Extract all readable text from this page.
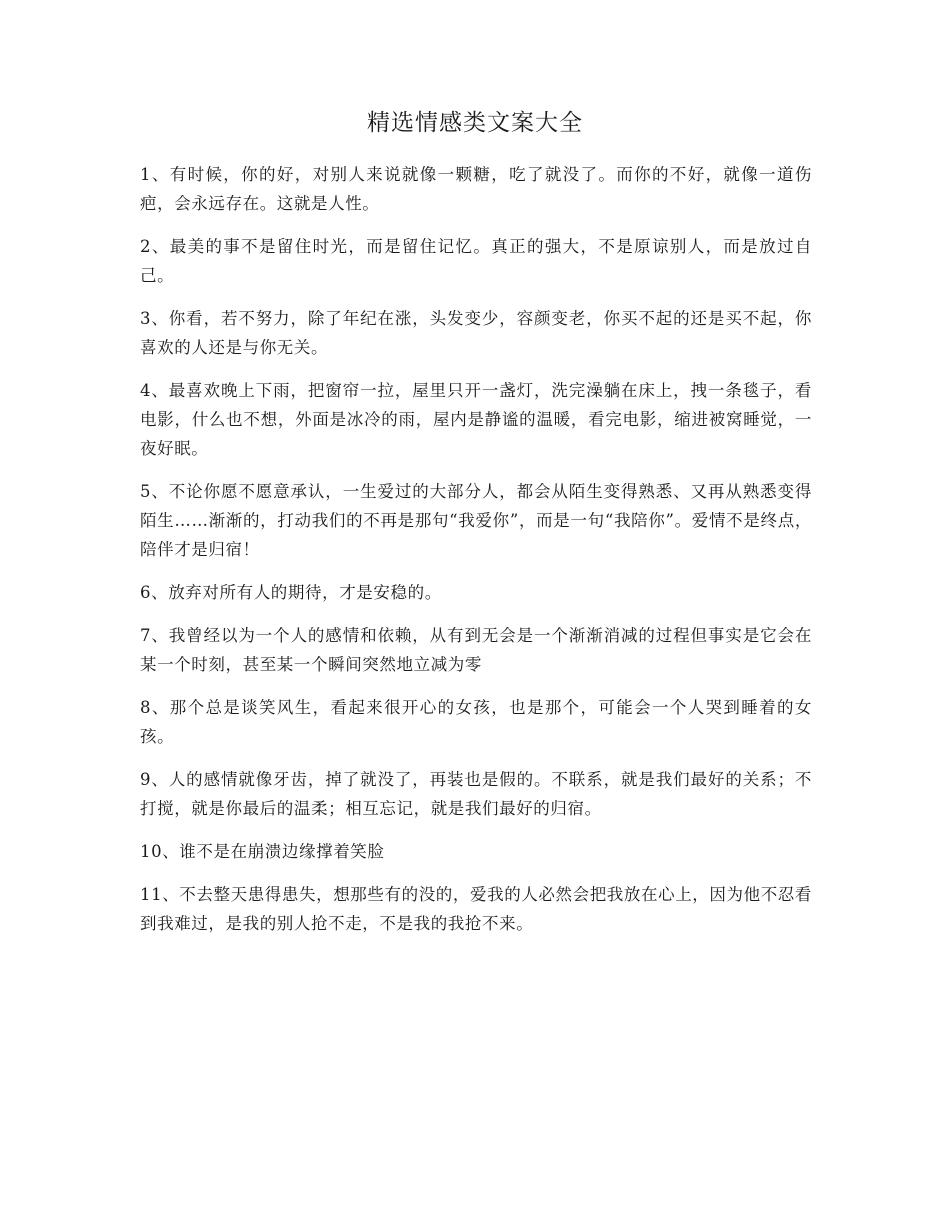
精选情感类文案大全

1、有时候，你的好，对别人来说就像一颗糖，吃了就没了。而你的不好，就像一道伤疤，会永远存在。这就是人性。

2、最美的事不是留住时光，而是留住记忆。真正的强大，不是原谅别人，而是放过自己。

3、你看，若不努力，除了年纪在涨，头发变少，容颜变老，你买不起的还是买不起，你喜欢的人还是与你无关。

4、最喜欢晚上下雨，把窗帘一拉，屋里只开一盏灯，洗完澡躺在床上，拽一条毯子，看电影，什么也不想，外面是冰冷的雨，屋内是静谧的温暖，看完电影，缩进被窝睡觉，一夜好眠。

5、不论你愿不愿意承认，一生爱过的大部分人，都会从陌生变得熟悉、又再从熟悉变得陌生……渐渐的，打动我们的不再是那句“我爱你”，而是一句“我陪你”。爱情不是终点，陪伴才是归宿！

6、放弃对所有人的期待，才是安稳的。

7、我曾经以为一个人的感情和依赖，从有到无会是一个渐渐消减的过程但事实是它会在某一个时刻，甚至某一个瞬间突然地立减为零

8、那个总是谈笑风生，看起来很开心的女孩，也是那个，可能会一个人哭到睡着的女孩。

9、人的感情就像牙齿，掉了就没了，再装也是假的。不联系，就是我们最好的关系；不打搅，就是你最后的温柔；相互忘记，就是我们最好的归宿。

10、谁不是在崩溃边缘撑着笑脸

11、不去整天患得患失，想那些有的没的，爱我的人必然会把我放在心上，因为他不忍看到我难过，是我的别人抢不走，不是我的我抢不来。
